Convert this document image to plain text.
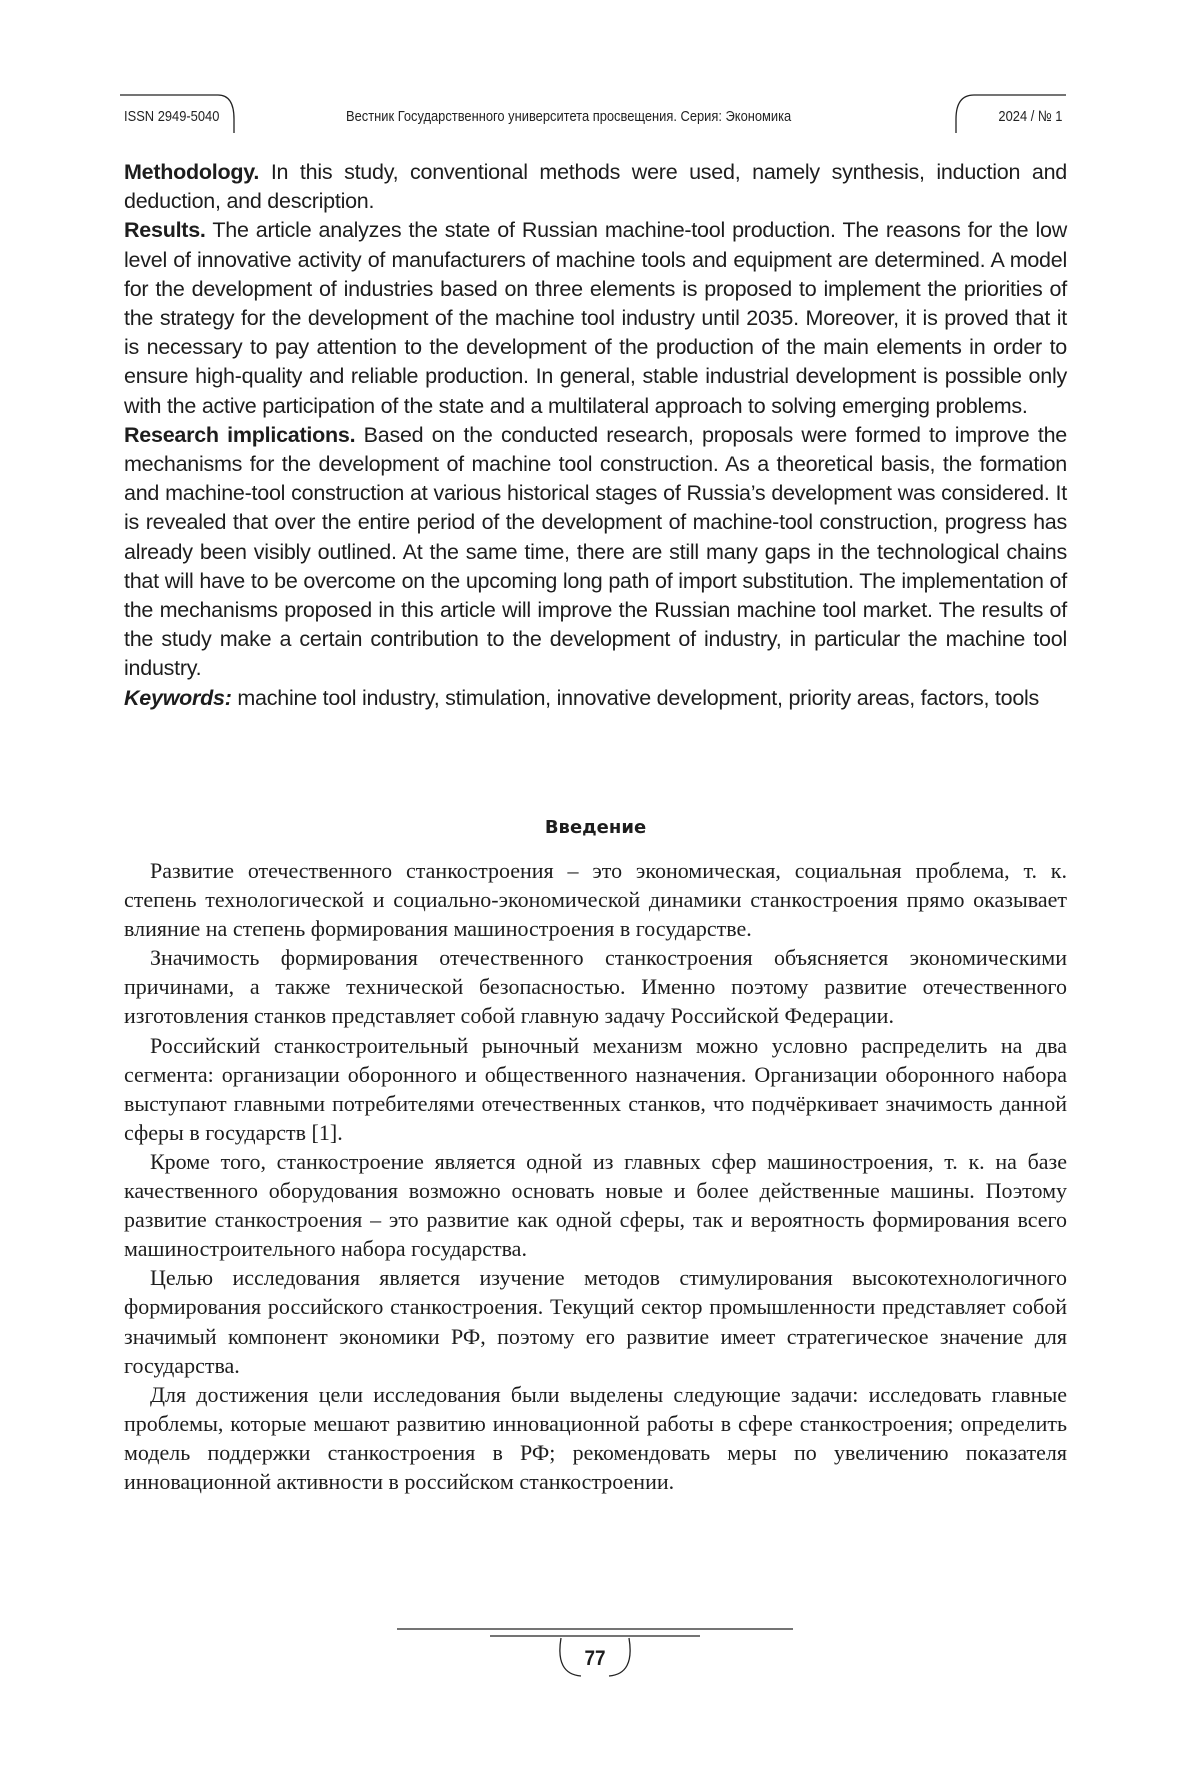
ISSN 2949-5040	Вестник Государственного университета просвещения. Серия: Экономика	2024 / № 1

Methodology. In this study, conventional methods were used, namely synthesis, induction and deduction, and description.

Results. The article analyzes the state of Russian machine-tool production. The reasons for the low level of innovative activity of manufacturers of machine tools and equipment are determined. A model for the development of industries based on three elements is proposed to implement the priorities of the strategy for the development of the machine tool industry until 2035. Moreover, it is proved that it is necessary to pay attention to the development of the production of the main elements in order to ensure high-quality and reliable production. In general, stable industrial development is possible only with the active participation of the state and a multilateral approach to solving emerging problems.

Research implications. Based on the conducted research, proposals were formed to improve the mechanisms for the development of machine tool construction. As a theoretical basis, the formation and machine-tool construction at various historical stages of Russia’s development was considered. It is revealed that over the entire period of the development of machine-tool construction, progress has already been visibly outlined. At the same time, there are still many gaps in the technological chains that will have to be overcome on the upcoming long path of import substitution. The implementation of the mechanisms proposed in this article will improve the Russian machine tool market. The results of the study make a certain contribution to the development of industry, in particular the machine tool industry.

Keywords: machine tool industry, stimulation, innovative development, priority areas, factors, tools

Введение

Развитие отечественного станкостроения – это экономическая, социальная проблема, т. к. степень технологической и социально-экономической динамики станкостроения прямо оказывает влияние на степень формирования машиностроения в государстве.

Значимость формирования отечественного станкостроения объясняется экономическими причинами, а также технической безопасностью. Именно поэтому развитие отечественного изготовления станков представляет собой главную задачу Российской Федерации.

Российский станкостроительный рыночный механизм можно условно распределить на два сегмента: организации оборонного и общественного назначения. Организации оборонного набора выступают главными потребителями отечественных станков, что подчёркивает значимость данной сферы в государств [1].

Кроме того, станкостроение является одной из главных сфер машиностроения, т. к. на базе качественного оборудования возможно основать новые и более действенные машины. Поэтому развитие станкостроения – это развитие как одной сферы, так и вероятность формирования всего машиностроительного набора государства.

Целью исследования является изучение методов стимулирования высокотехнологичного формирования российского станкостроения. Текущий сектор промышленности представляет собой значимый компонент экономики РФ, поэтому его развитие имеет стратегическое значение для государства.

Для достижения цели исследования были выделены следующие задачи: исследовать главные проблемы, которые мешают развитию инновационной работы в сфере станкостроения; определить модель поддержки станкостроения в РФ; рекомендовать меры по увеличению показателя инновационной активности в российском станкостроении.

77
